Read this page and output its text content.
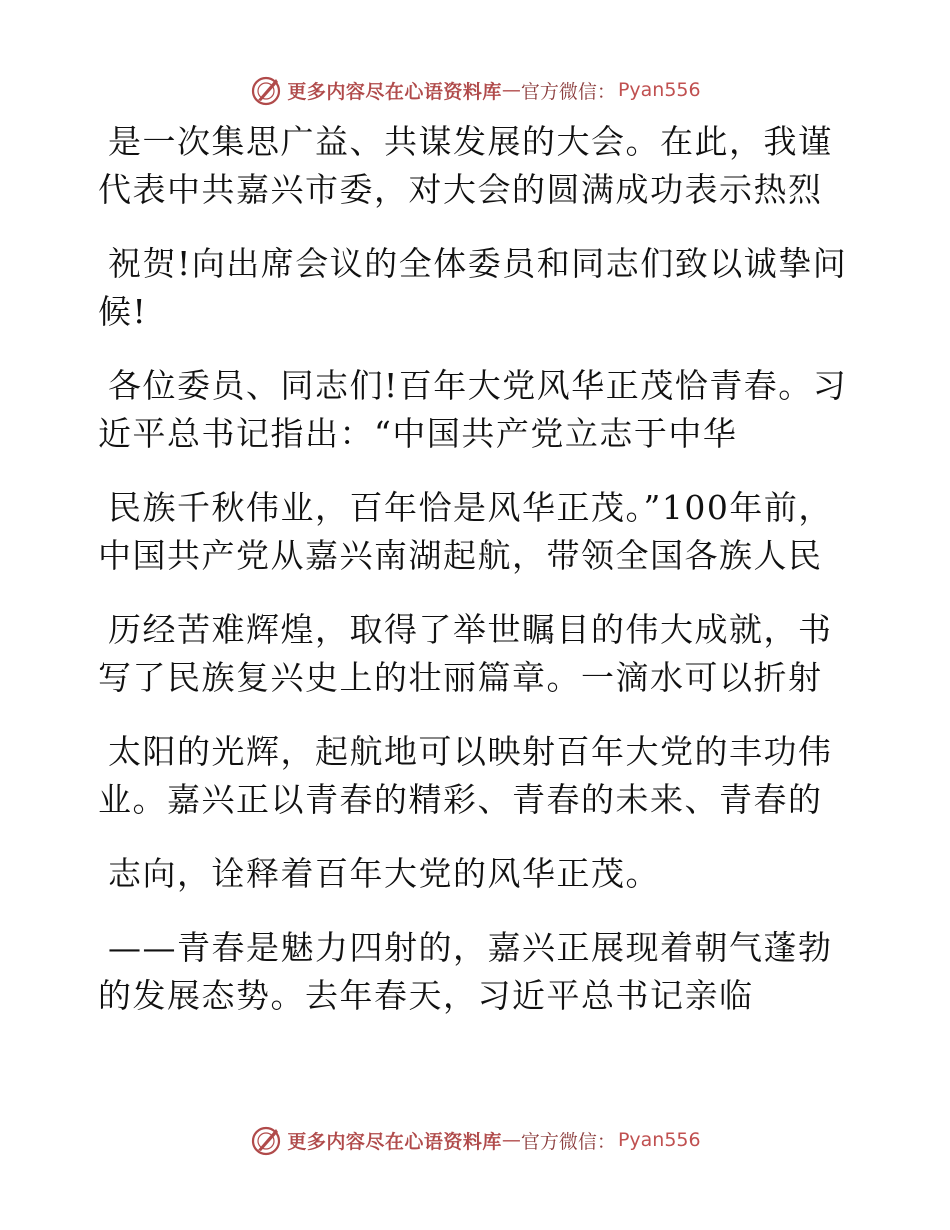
更多内容尽在心语资料库 — 官方微信： Pyan556
是一次集思广益、共谋发展的大会。在此，我谨
代表中共嘉兴市委，对大会的圆满成功表示热烈
祝贺!向出席会议的全体委员和同志们致以诚挚问
候!
各位委员、同志们!百年大党风华正茂恰青春。习
近平总书记指出：“中国共产党立志于中华
民族千秋伟业，百年恰是风华正茂。”100年前，
中国共产党从嘉兴南湖起航，带领全国各族人民
历经苦难辉煌，取得了举世瞩目的伟大成就，书
写了民族复兴史上的壮丽篇章。一滴水可以折射
太阳的光辉，起航地可以映射百年大党的丰功伟
业。嘉兴正以青春的精彩、青春的未来、青春的
志向，诠释着百年大党的风华正茂。
——青春是魅力四射的，嘉兴正展现着朝气蓬勃
的发展态势。去年春天，习近平总书记亲临
更多内容尽在心语资料库 — 官方微信： Pyan556
